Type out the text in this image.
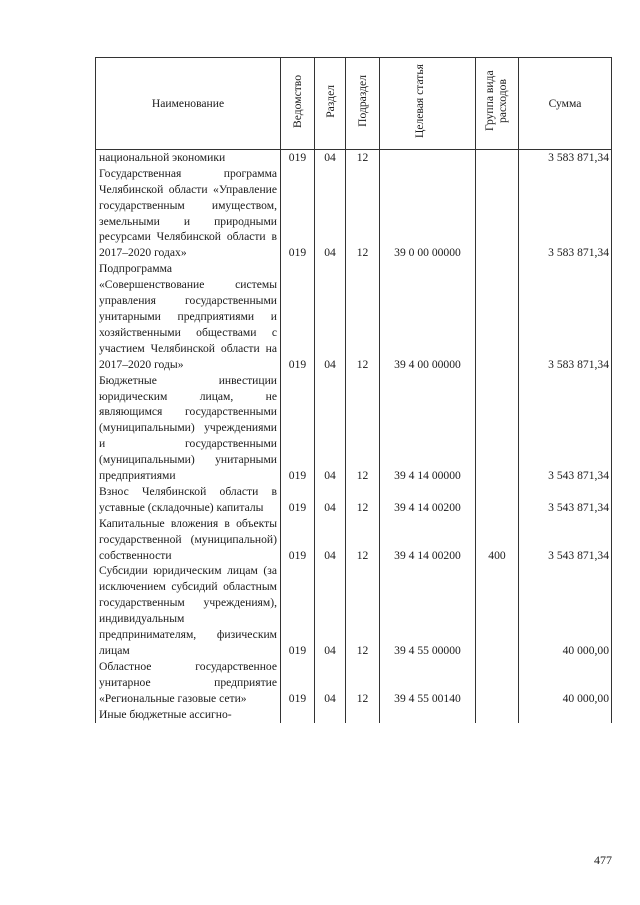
Наименование	Ведомство	Раздел	Подраздел	Целевая статья	Группа вида расходов	Сумма
национальной экономики	019	04	12			3 583 871,34
Государственная программа Челябинской области «Управление государственным имуществом, земельными и природными ресурсами Челябинской области в 2017–2020 годах»	019	04	12	39 0 00 00000		3 583 871,34
Подпрограмма «Совершенствование системы управления государственными унитарными предприятиями и хозяйственными обществами с участием Челябинской области на 2017–2020 годы»	019	04	12	39 4 00 00000		3 583 871,34
Бюджетные инвестиции юридическим лицам, не являющимся государственными (муниципальными) учреждениями и государственными (муниципальными) унитарными предприятиями	019	04	12	39 4 14 00000		3 543 871,34
Взнос Челябинской области в уставные (складочные) капиталы	019	04	12	39 4 14 00200		3 543 871,34
Капитальные вложения в объекты государственной (муниципальной) собственности	019	04	12	39 4 14 00200	400	3 543 871,34
Субсидии юридическим лицам (за исключением субсидий областным государственным учреждениям), индивидуальным предпринимателям, физическим лицам	019	04	12	39 4 55 00000		40 000,00
Областное государственное унитарное предприятие «Региональные газовые сети»	019	04	12	39 4 55 00140		40 000,00
Иные бюджетные ассигно-						
477
